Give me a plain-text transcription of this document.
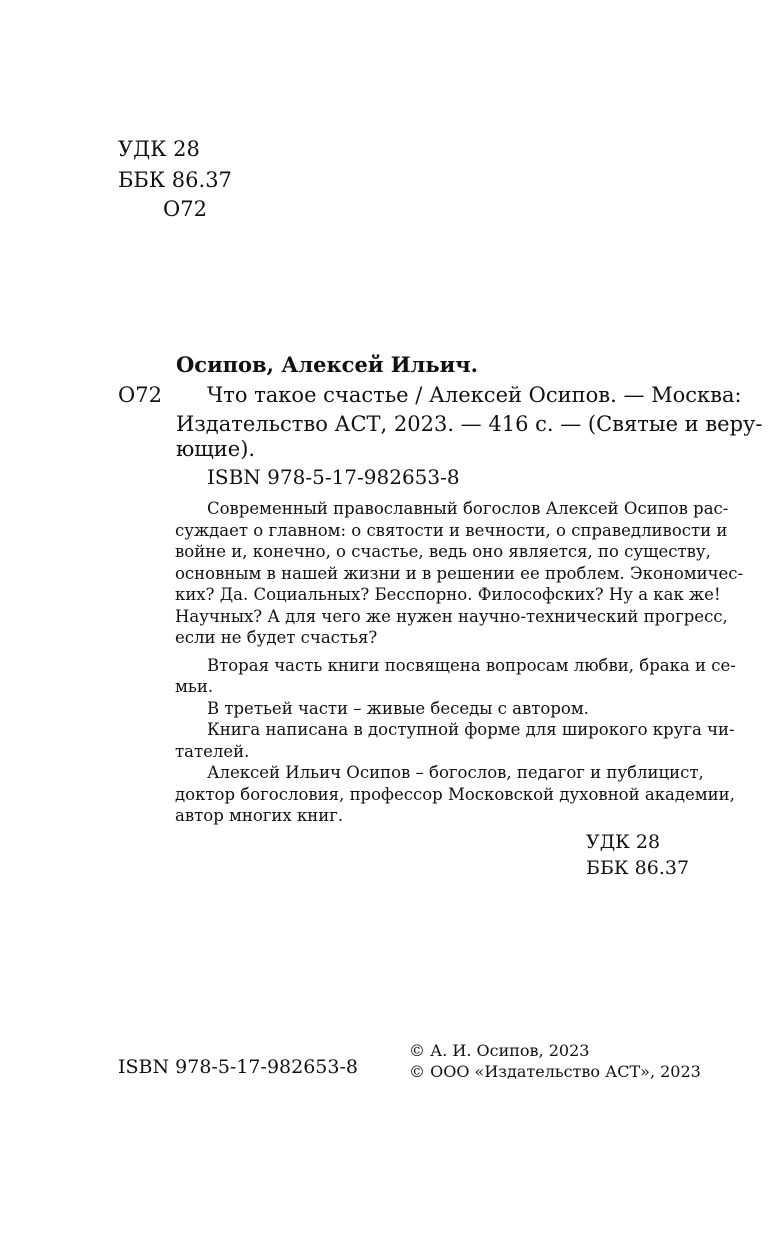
УДК 28
ББК 86.37
О72
Осипов, Алексей Ильич.
О72 Что такое счастье / Алексей Осипов. — Москва:
Издательство АСТ, 2023. — 416 с. — (Святые и веру-
ющие).
ISBN 978-5-17-982653-8
Современный православный богослов Алексей Осипов рас-
суждает о главном: о святости и вечности, о справедливости и
войне и, конечно, о счастье, ведь оно является, по существу,
основным в нашей жизни и в решении ее проблем. Экономичес-
ких? Да. Социальных? Бесспорно. Философских? Ну а как же!
Научных? А для чего же нужен научно-технический прогресс,
если не будет счастья?
Вторая часть книги посвящена вопросам любви, брака и се-
мьи.
В третьей части – живые беседы с автором.
Книга написана в доступной форме для широкого круга чи-
тателей.
Алексей Ильич Осипов – богослов, педагог и публицист,
доктор богословия, профессор Московской духовной академии,
автор многих книг.
УДК 28
ББК 86.37
© А. И. Осипов, 2023
ISBN 978-5-17-982653-8	© ООО «Издательство АСТ», 2023
